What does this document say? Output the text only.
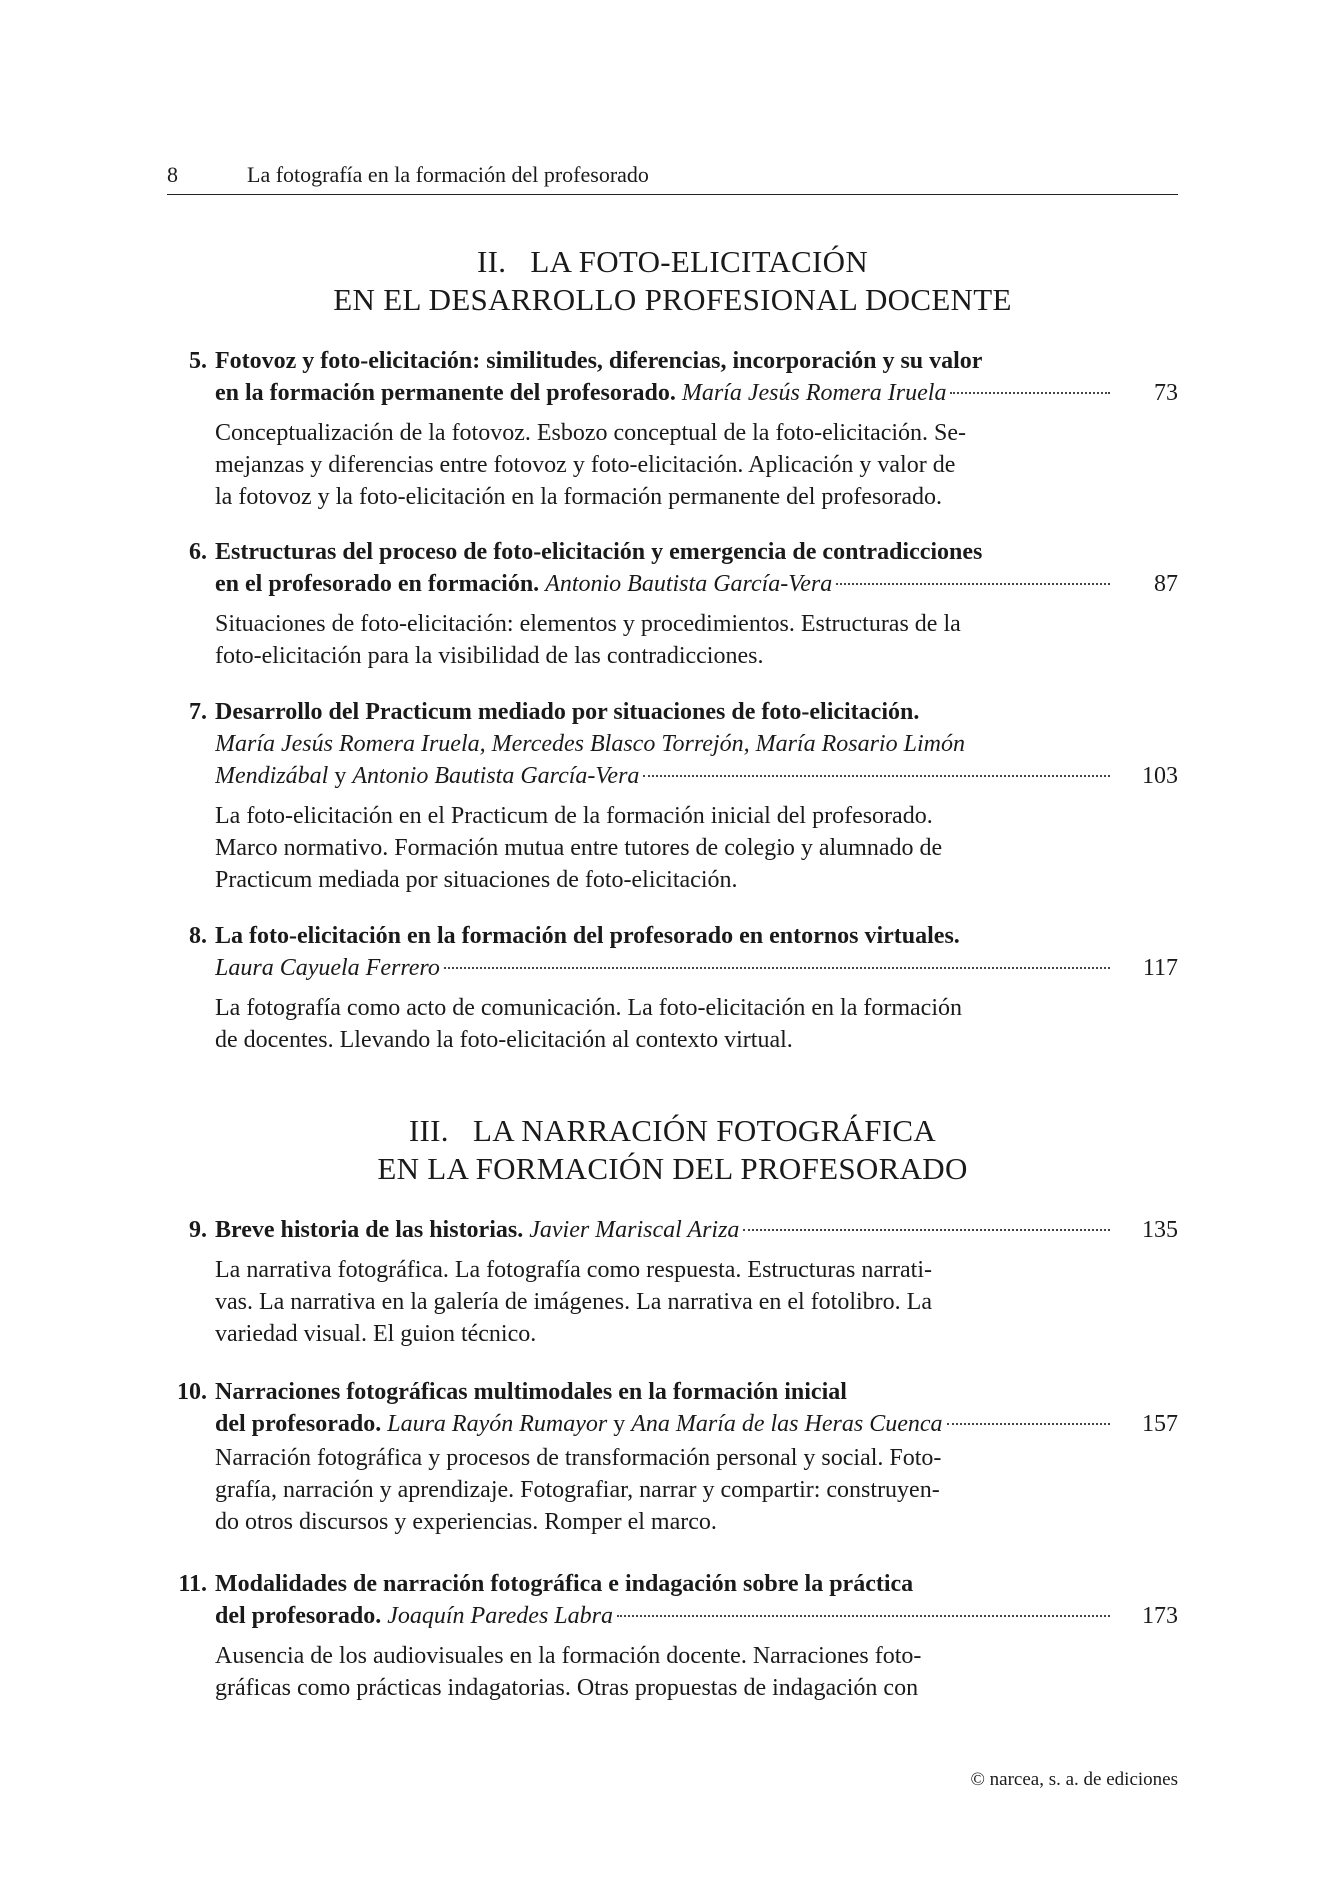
8	La fotografía en la formación del profesorado
II.   LA FOTO-ELICITACIÓN
EN EL DESARROLLO PROFESIONAL DOCENTE
5. Fotovoz y foto-elicitación: similitudes, diferencias, incorporación y su valor
en la formación permanente del profesorado.
María Jesús Romera Iruela	73
Conceptualización de la fotovoz. Esbozo conceptual de la foto-elicitación. Se-
mejanzas y diferencias entre fotovoz y foto-elicitación. Aplicación y valor de
la fotovoz y la foto-elicitación en la formación permanente del profesorado.
6. Estructuras del proceso de foto-elicitación y emergencia de contradicciones
en el profesorado en formación.
Antonio Bautista García-Vera	87
Situaciones de foto-elicitación: elementos y procedimientos. Estructuras de la
foto-elicitación para la visibilidad de las contradicciones.
7. Desarrollo del Practicum mediado por situaciones de foto-elicitación.
María Jesús Romera Iruela, Mercedes Blasco Torrejón, María Rosario Limón
Mendizábal
y
Antonio Bautista García-Vera	103
La foto-elicitación en el Practicum de la formación inicial del profesorado.
Marco normativo. Formación mutua entre tutores de colegio y alumnado de
Practicum mediada por situaciones de foto-elicitación.
8. La foto-elicitación en la formación del profesorado en entornos virtuales.
Laura Cayuela Ferrero	117
La fotografía como acto de comunicación. La foto-elicitación en la formación
de docentes. Llevando la foto-elicitación al contexto virtual.
III.   LA NARRACIÓN FOTOGRÁFICA
EN LA FORMACIÓN DEL PROFESORADO
9. Breve historia de las historias.
Javier Mariscal Ariza	135
La narrativa fotográfica. La fotografía como respuesta. Estructuras narrati-
vas. La narrativa en la galería de imágenes. La narrativa en el fotolibro. La
variedad visual. El guion técnico.
10. Narraciones fotográficas multimodales en la formación inicial
del profesorado.
Laura Rayón Rumayor
y
Ana María de las Heras Cuenca	157
Narración fotográfica y procesos de transformación personal y social. Foto-
grafía, narración y aprendizaje. Fotografiar, narrar y compartir: construyen-
do otros discursos y experiencias. Romper el marco.
11. Modalidades de narración fotográfica e indagación sobre la práctica
del profesorado.
Joaquín Paredes Labra	173
Ausencia de los audiovisuales en la formación docente. Narraciones foto-
gráficas como prácticas indagatorias. Otras propuestas de indagación con
© narcea, s. a. de ediciones
